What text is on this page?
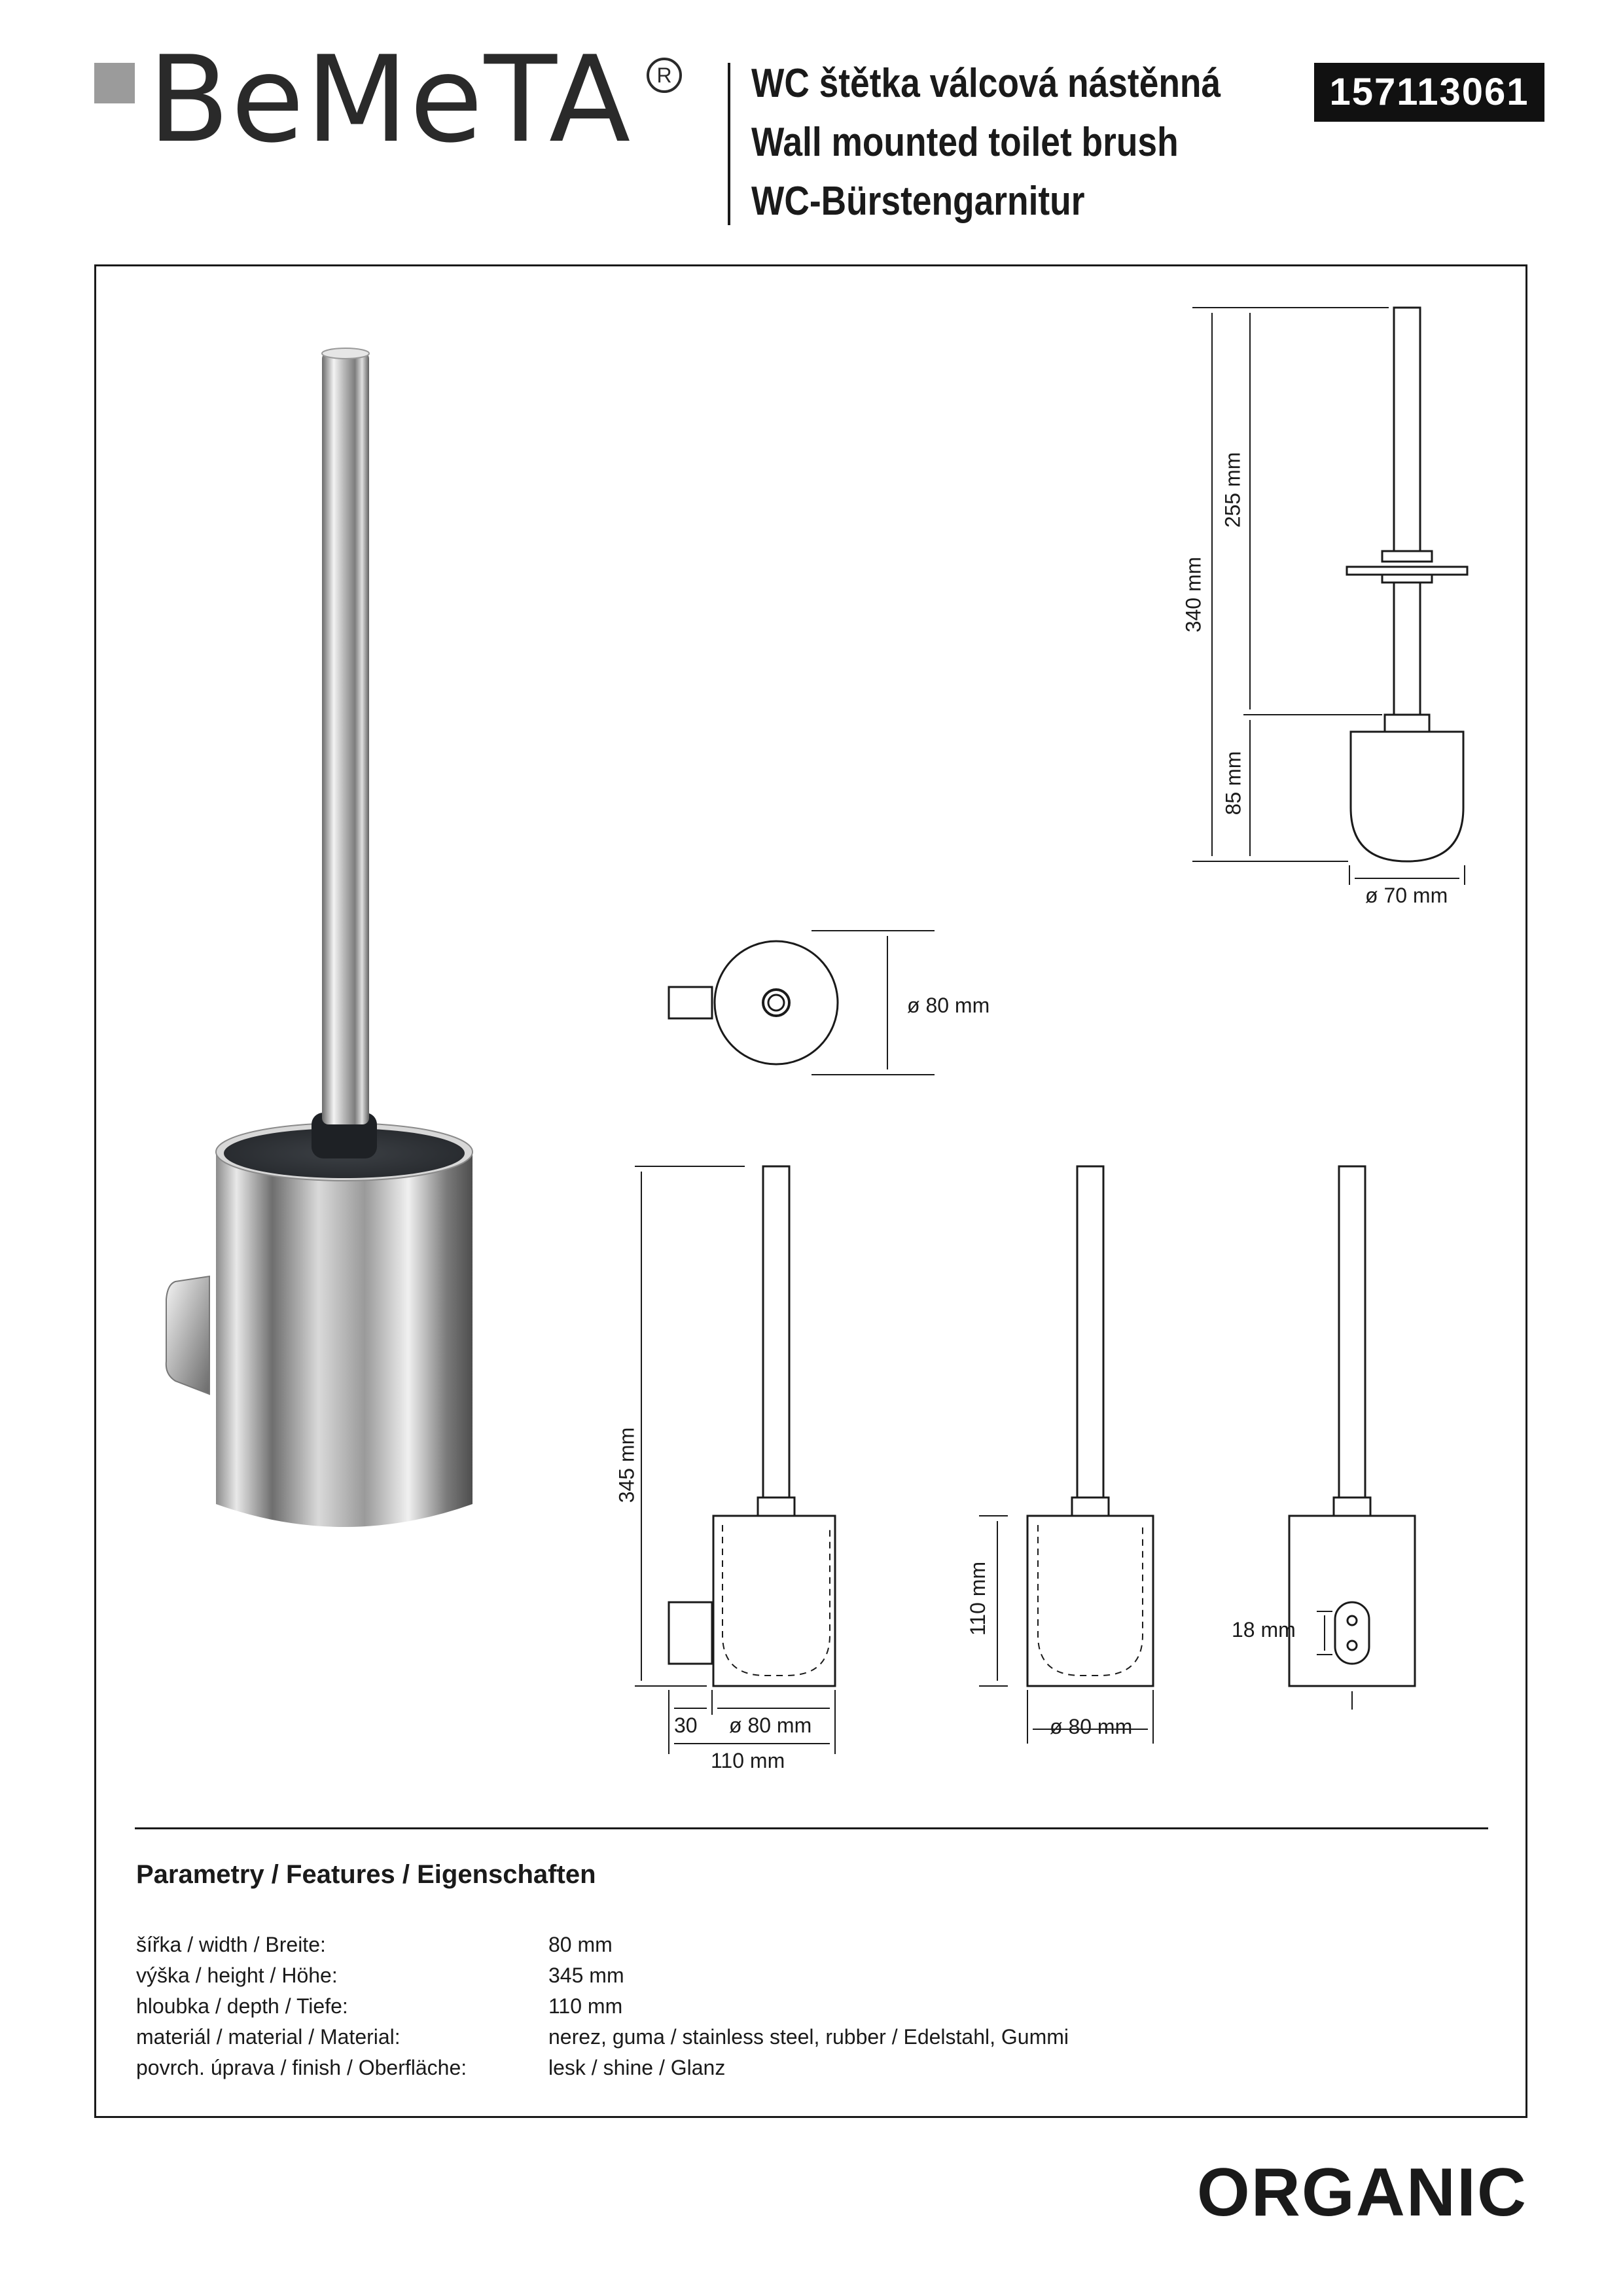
BeMeTA	R WC štětka válcová nástěnná
Wall mounted toilet brush
WC-Bürstengarnitur
157113061
340 mm
255 mm
85 mm
ø 70 mm
ø 80 mm
345 mm
30 ø 80 mm
110 mm
110 mm
ø 80 mm
18 mm
Parametry / Features / Eigenschaften
šířka / width / Breite:	80 mm
výška / height / Höhe:	345 mm
hloubka / depth / Tiefe:	110 mm
materiál / material / Material:	nerez, guma / stainless steel, rubber / Edelstahl, Gummi
povrch. úprava / finish / Oberfläche:	lesk / shine / Glanz
ORGANIC
